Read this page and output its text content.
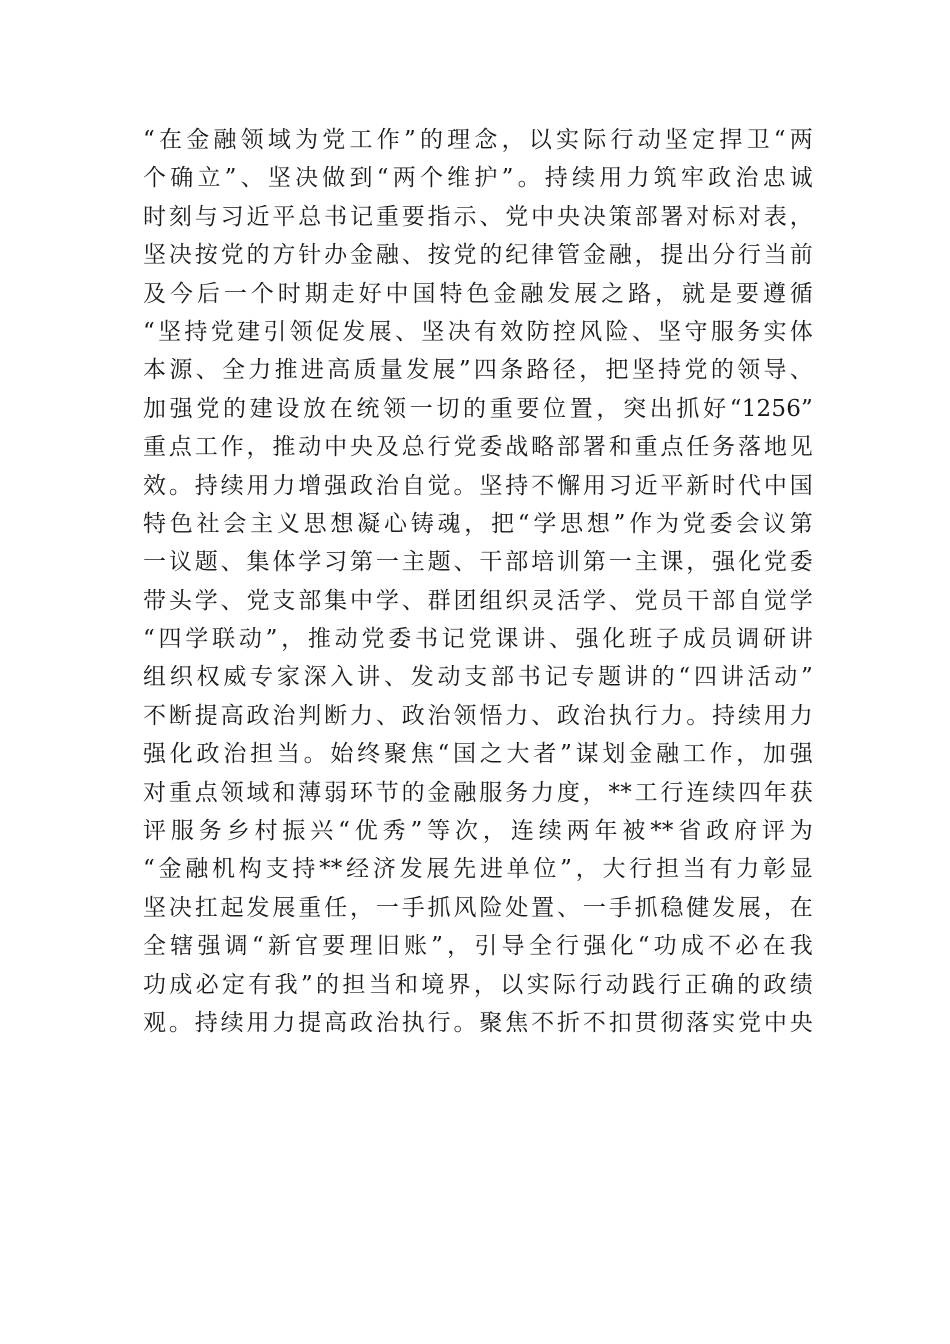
“在金融领域为党工作”的理念，以实际行动坚定捍卫“两
个确立”、坚决做到“两个维护”。持续用力筑牢政治忠诚
时刻与习近平总书记重要指示、党中央决策部署对标对表，
坚决按党的方针办金融、按党的纪律管金融，提出分行当前
及今后一个时期走好中国特色金融发展之路，就是要遵循
“坚持党建引领促发展、坚决有效防控风险、坚守服务实体
本源、全力推进高质量发展”四条路径，把坚持党的领导、
加强党的建设放在统领一切的重要位置，突出抓好“1256”
重点工作，推动中央及总行党委战略部署和重点任务落地见
效。持续用力增强政治自觉。坚持不懈用习近平新时代中国
特色社会主义思想凝心铸魂，把“学思想”作为党委会议第
一议题、集体学习第一主题、干部培训第一主课，强化党委
带头学、党支部集中学、群团组织灵活学、党员干部自觉学
“四学联动”，推动党委书记党课讲、强化班子成员调研讲
组织权威专家深入讲、发动支部书记专题讲的“四讲活动”
不断提高政治判断力、政治领悟力、政治执行力。持续用力
强化政治担当。始终聚焦“国之大者”谋划金融工作，加强
对重点领域和薄弱环节的金融服务力度，**工行连续四年获
评服务乡村振兴“优秀”等次，连续两年被**省政府评为
“金融机构支持**经济发展先进单位”，大行担当有力彰显
坚决扛起发展重任，一手抓风险处置、一手抓稳健发展，在
全辖强调“新官要理旧账”，引导全行强化“功成不必在我
功成必定有我”的担当和境界，以实际行动践行正确的政绩
观。持续用力提高政治执行。聚焦不折不扣贯彻落实党中央
